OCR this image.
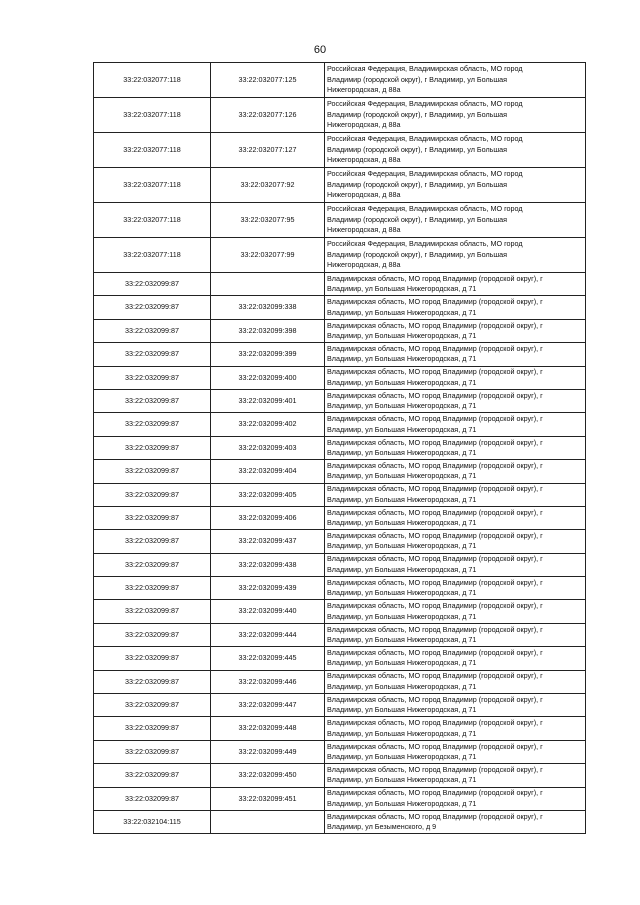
60
33:22:032077:118	33:22:032077:125	Российская Федерация, Владимирская область, МО город
Владимир (городской округ), г Владимир, ул Большая
Нижегородская, д 88а

33:22:032077:118	33:22:032077:126	Российская Федерация, Владимирская область, МО город
Владимир (городской округ), г Владимир, ул Большая
Нижегородская, д 88а

33:22:032077:118	33:22:032077:127	Российская Федерация, Владимирская область, МО город
Владимир (городской округ), г Владимир, ул Большая
Нижегородская, д 88а

33:22:032077:118	33:22:032077:92	Российская Федерация, Владимирская область, МО город
Владимир (городской округ), г Владимир, ул Большая
Нижегородская, д 88а

33:22:032077:118	33:22:032077:95	Российская Федерация, Владимирская область, МО город
Владимир (городской округ), г Владимир, ул Большая
Нижегородская, д 88а

33:22:032077:118	33:22:032077:99	Российская Федерация, Владимирская область, МО город
Владимир (городской округ), г Владимир, ул Большая
Нижегородская, д 88а

33:22:032099:87		Владимирская область, МО город Владимир (городской округ), г
Владимир, ул Большая Нижегородская, д 71

33:22:032099:87	33:22:032099:338	Владимирская область, МО город Владимир (городской округ), г
Владимир, ул Большая Нижегородская, д 71

33:22:032099:87	33:22:032099:398	Владимирская область, МО город Владимир (городской округ), г
Владимир, ул Большая Нижегородская, д 71

33:22:032099:87	33:22:032099:399	Владимирская область, МО город Владимир (городской округ), г
Владимир, ул Большая Нижегородская, д 71

33:22:032099:87	33:22:032099:400	Владимирская область, МО город Владимир (городской округ), г
Владимир, ул Большая Нижегородская, д 71

33:22:032099:87	33:22:032099:401	Владимирская область, МО город Владимир (городской округ), г
Владимир, ул Большая Нижегородская, д 71

33:22:032099:87	33:22:032099:402	Владимирская область, МО город Владимир (городской округ), г
Владимир, ул Большая Нижегородская, д 71

33:22:032099:87	33:22:032099:403	Владимирская область, МО город Владимир (городской округ), г
Владимир, ул Большая Нижегородская, д 71

33:22:032099:87	33:22:032099:404	Владимирская область, МО город Владимир (городской округ), г
Владимир, ул Большая Нижегородская, д 71

33:22:032099:87	33:22:032099:405	Владимирская область, МО город Владимир (городской округ), г
Владимир, ул Большая Нижегородская, д 71

33:22:032099:87	33:22:032099:406	Владимирская область, МО город Владимир (городской округ), г
Владимир, ул Большая Нижегородская, д 71

33:22:032099:87	33:22:032099:437	Владимирская область, МО город Владимир (городской округ), г
Владимир, ул Большая Нижегородская, д 71

33:22:032099:87	33:22:032099:438	Владимирская область, МО город Владимир (городской округ), г
Владимир, ул Большая Нижегородская, д 71

33:22:032099:87	33:22:032099:439	Владимирская область, МО город Владимир (городской округ), г
Владимир, ул Большая Нижегородская, д 71

33:22:032099:87	33:22:032099:440	Владимирская область, МО город Владимир (городской округ), г
Владимир, ул Большая Нижегородская, д 71

33:22:032099:87	33:22:032099:444	Владимирская область, МО город Владимир (городской округ), г
Владимир, ул Большая Нижегородская, д 71

33:22:032099:87	33:22:032099:445	Владимирская область, МО город Владимир (городской округ), г
Владимир, ул Большая Нижегородская, д 71

33:22:032099:87	33:22:032099:446	Владимирская область, МО город Владимир (городской округ), г
Владимир, ул Большая Нижегородская, д 71

33:22:032099:87	33:22:032099:447	Владимирская область, МО город Владимир (городской округ), г
Владимир, ул Большая Нижегородская, д 71

33:22:032099:87	33:22:032099:448	Владимирская область, МО город Владимир (городской округ), г
Владимир, ул Большая Нижегородская, д 71

33:22:032099:87	33:22:032099:449	Владимирская область, МО город Владимир (городской округ), г
Владимир, ул Большая Нижегородская, д 71

33:22:032099:87	33:22:032099:450	Владимирская область, МО город Владимир (городской округ), г
Владимир, ул Большая Нижегородская, д 71

33:22:032099:87	33:22:032099:451	Владимирская область, МО город Владимир (городской округ), г
Владимир, ул Большая Нижегородская, д 71

33:22:032104:115		Владимирская область, МО город Владимир (городской округ), г
Владимир, ул Безыменского, д 9
